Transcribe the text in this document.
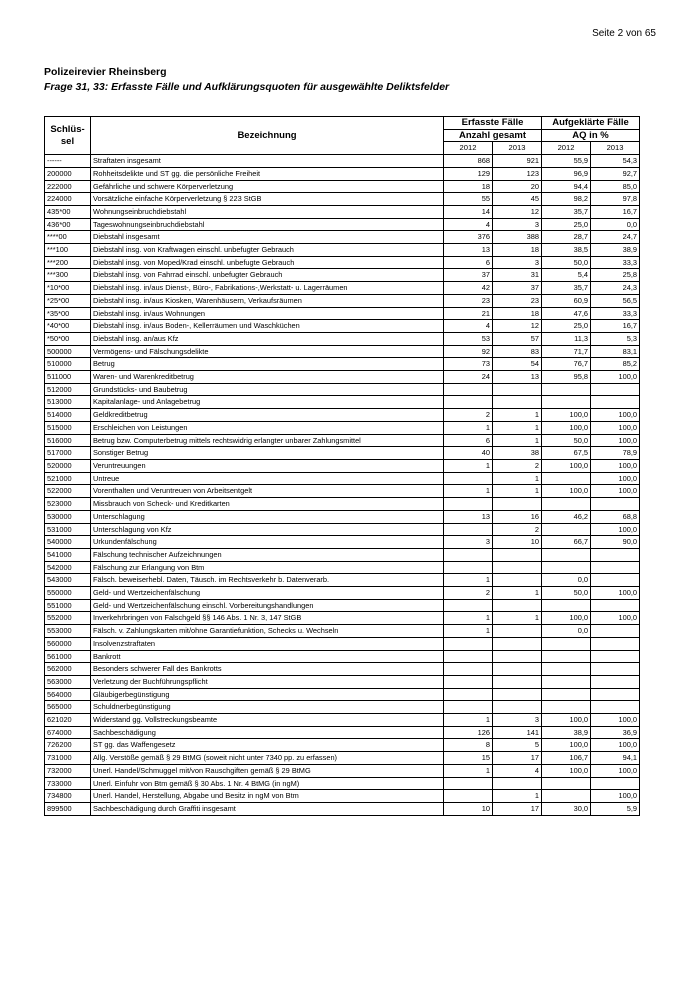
Seite 2 von 65
Polizeirevier Rheinsberg
Frage 31, 33: Erfasste Fälle und Aufklärungsquoten für ausgewählte Deliktsfelder
Schlüs-
sel	Bezeichnung	Erfasste Fälle		Aufgeklärte Fälle	
		Anzahl gesamt		AQ in %	
		2012	2013	2012	2013
------	Straftaten insgesamt	868	921	55,9	54,3
200000	Rohheitsdelikte und ST gg. die persönliche Freiheit	129	123	96,9	92,7
222000	Gefährliche und schwere Körperverletzung	18	20	94,4	85,0
224000	Vorsätzliche einfache Körperverletzung § 223 StGB	55	45	98,2	97,8
435*00	Wohnungseinbruchdiebstahl	14	12	35,7	16,7
436*00	Tageswohnungseinbruchdiebstahl	4	3	25,0	0,0
****00	Diebstahl insgesamt	376	388	28,7	24,7
***100	Diebstahl insg. von Kraftwagen einschl. unbefugter Gebrauch	13	18	38,5	38,9
***200	Diebstahl insg. von Moped/Krad einschl. unbefugte Gebrauch	6	3	50,0	33,3
***300	Diebstahl insg. von Fahrrad einschl. unbefugter Gebrauch	37	31	5,4	25,8
*10*00	Diebstahl insg. in/aus Dienst-, Büro-, Fabrikations-,Werkstatt- u. Lagerräumen	42	37	35,7	24,3
*25*00	Diebstahl insg. in/aus Kiosken, Warenhäusern, Verkaufsräumen	23	23	60,9	56,5
*35*00	Diebstahl insg. in/aus Wohnungen	21	18	47,6	33,3
*40*00	Diebstahl insg. in/aus Boden-, Kellerräumen und Waschküchen	4	12	25,0	16,7
*50*00	Diebstahl insg. an/aus Kfz	53	57	11,3	5,3
500000	Vermögens- und Fälschungsdelikte	92	83	71,7	83,1
510000	Betrug	73	54	76,7	85,2
511000	Waren- und Warenkreditbetrug	24	13	95,8	100,0
512000	Grundstücks- und Baubetrug				
513000	Kapitalanlage- und Anlagebetrug				
514000	Geldkreditbetrug	2	1	100,0	100,0
515000	Erschleichen von Leistungen	1	1	100,0	100,0
516000	Betrug bzw. Computerbetrug mittels rechtswidrig erlangter unbarer Zahlungsmittel	6	1	50,0	100,0
517000	Sonstiger Betrug	40	38	67,5	78,9
520000	Veruntreuungen	1	2	100,0	100,0
521000	Untreue		1		100,0
522000	Vorenthalten und Veruntreuen von Arbeitsentgelt	1	1	100,0	100,0
523000	Missbrauch von Scheck- und Kreditkarten				
530000	Unterschlagung	13	16	46,2	68,8
531000	Unterschlagung von Kfz		2		100,0
540000	Urkundenfälschung	3	10	66,7	90,0
541000	Fälschung technischer Aufzeichnungen				
542000	Fälschung zur Erlangung von Btm				
543000	Fälsch. beweiserhebl. Daten, Täusch. im Rechtsverkehr b. Datenverarb.	1		0,0	
550000	Geld- und Wertzeichenfälschung	2	1	50,0	100,0
551000	Geld- und Wertzeichenfälschung einschl. Vorbereitungshandlungen				
552000	Inverkehrbringen von Falschgeld §§ 146 Abs. 1 Nr. 3, 147 StGB	1	1	100,0	100,0
553000	Fälsch. v. Zahlungskarten mit/ohne Garantiefunktion, Schecks u. Wechseln	1		0,0	
560000	Insolvenzstraftaten				
561000	Bankrott				
562000	Besonders schwerer Fall des Bankrotts				
563000	Verletzung der Buchführungspflicht				
564000	Gläubigerbegünstigung				
565000	Schuldnerbegünstigung				
621020	Widerstand gg. Vollstreckungsbeamte	1	3	100,0	100,0
674000	Sachbeschädigung	126	141	38,9	36,9
726200	ST gg. das Waffengesetz	8	5	100,0	100,0
731000	Allg. Verstöße gemäß § 29 BtMG (soweit nicht unter 7340 pp. zu erfassen)	15	17	106,7	94,1
732000	Unerl. Handel/Schmuggel mit/von Rauschgiften gemäß § 29 BtMG	1	4	100,0	100,0
733000	Unerl. Einfuhr von Btm gemäß § 30 Abs. 1 Nr. 4 BtMG (in ngM)				
734800	Unerl. Handel, Herstellung, Abgabe und Besitz in ngM von Btm		1		100,0
899500	Sachbeschädigung durch Graffiti insgesamt	10	17	30,0	5,9
